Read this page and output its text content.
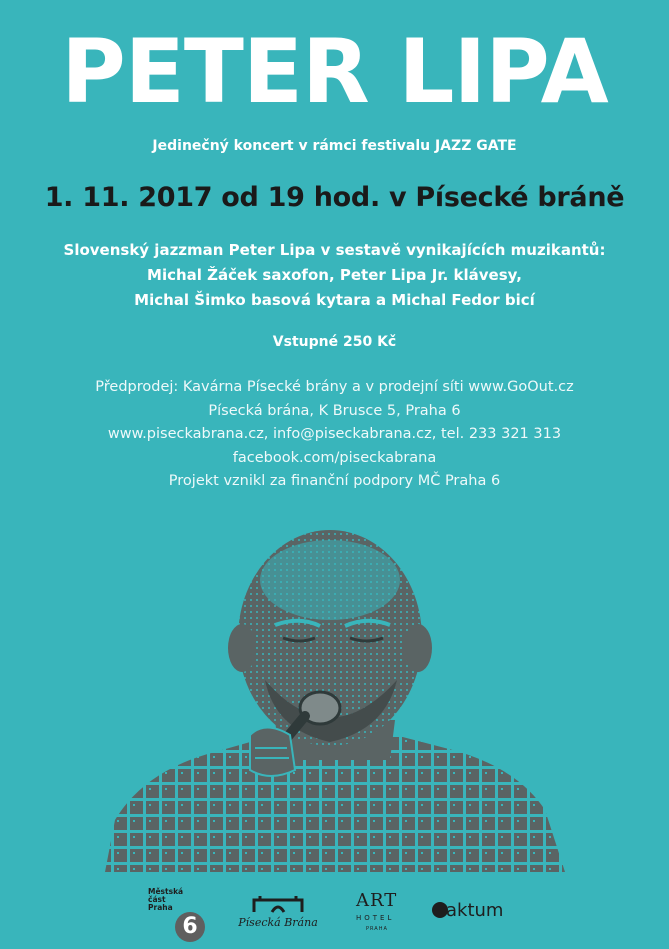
PETER LIPA
Jedinečný koncert v rámci festivalu JAZZ GATE
1. 11. 2017 od 19 hod. v Písecké bráně
Slovenský jazzman Peter Lipa v sestavě vynikajících muzikantů:
Michal Žáček saxofon, Peter Lipa Jr. klávesy,
Michal Šimko basová kytara a Michal Fedor bicí
Vstupné 250 Kč
Předprodej: Kavárna Písecké brány a v prodejní síti www.GoOut.cz
Písecká brána, K Brusce 5, Praha 6
www.piseckabrana.cz, info@piseckabrana.cz, tel. 233 321 313
facebook.com/piseckabrana
Projekt vznikl za finanční podpory MČ Praha 6
Městská
část
Praha
6	Písecká Brána
ART
HOTEL
PRAHA
aktum
